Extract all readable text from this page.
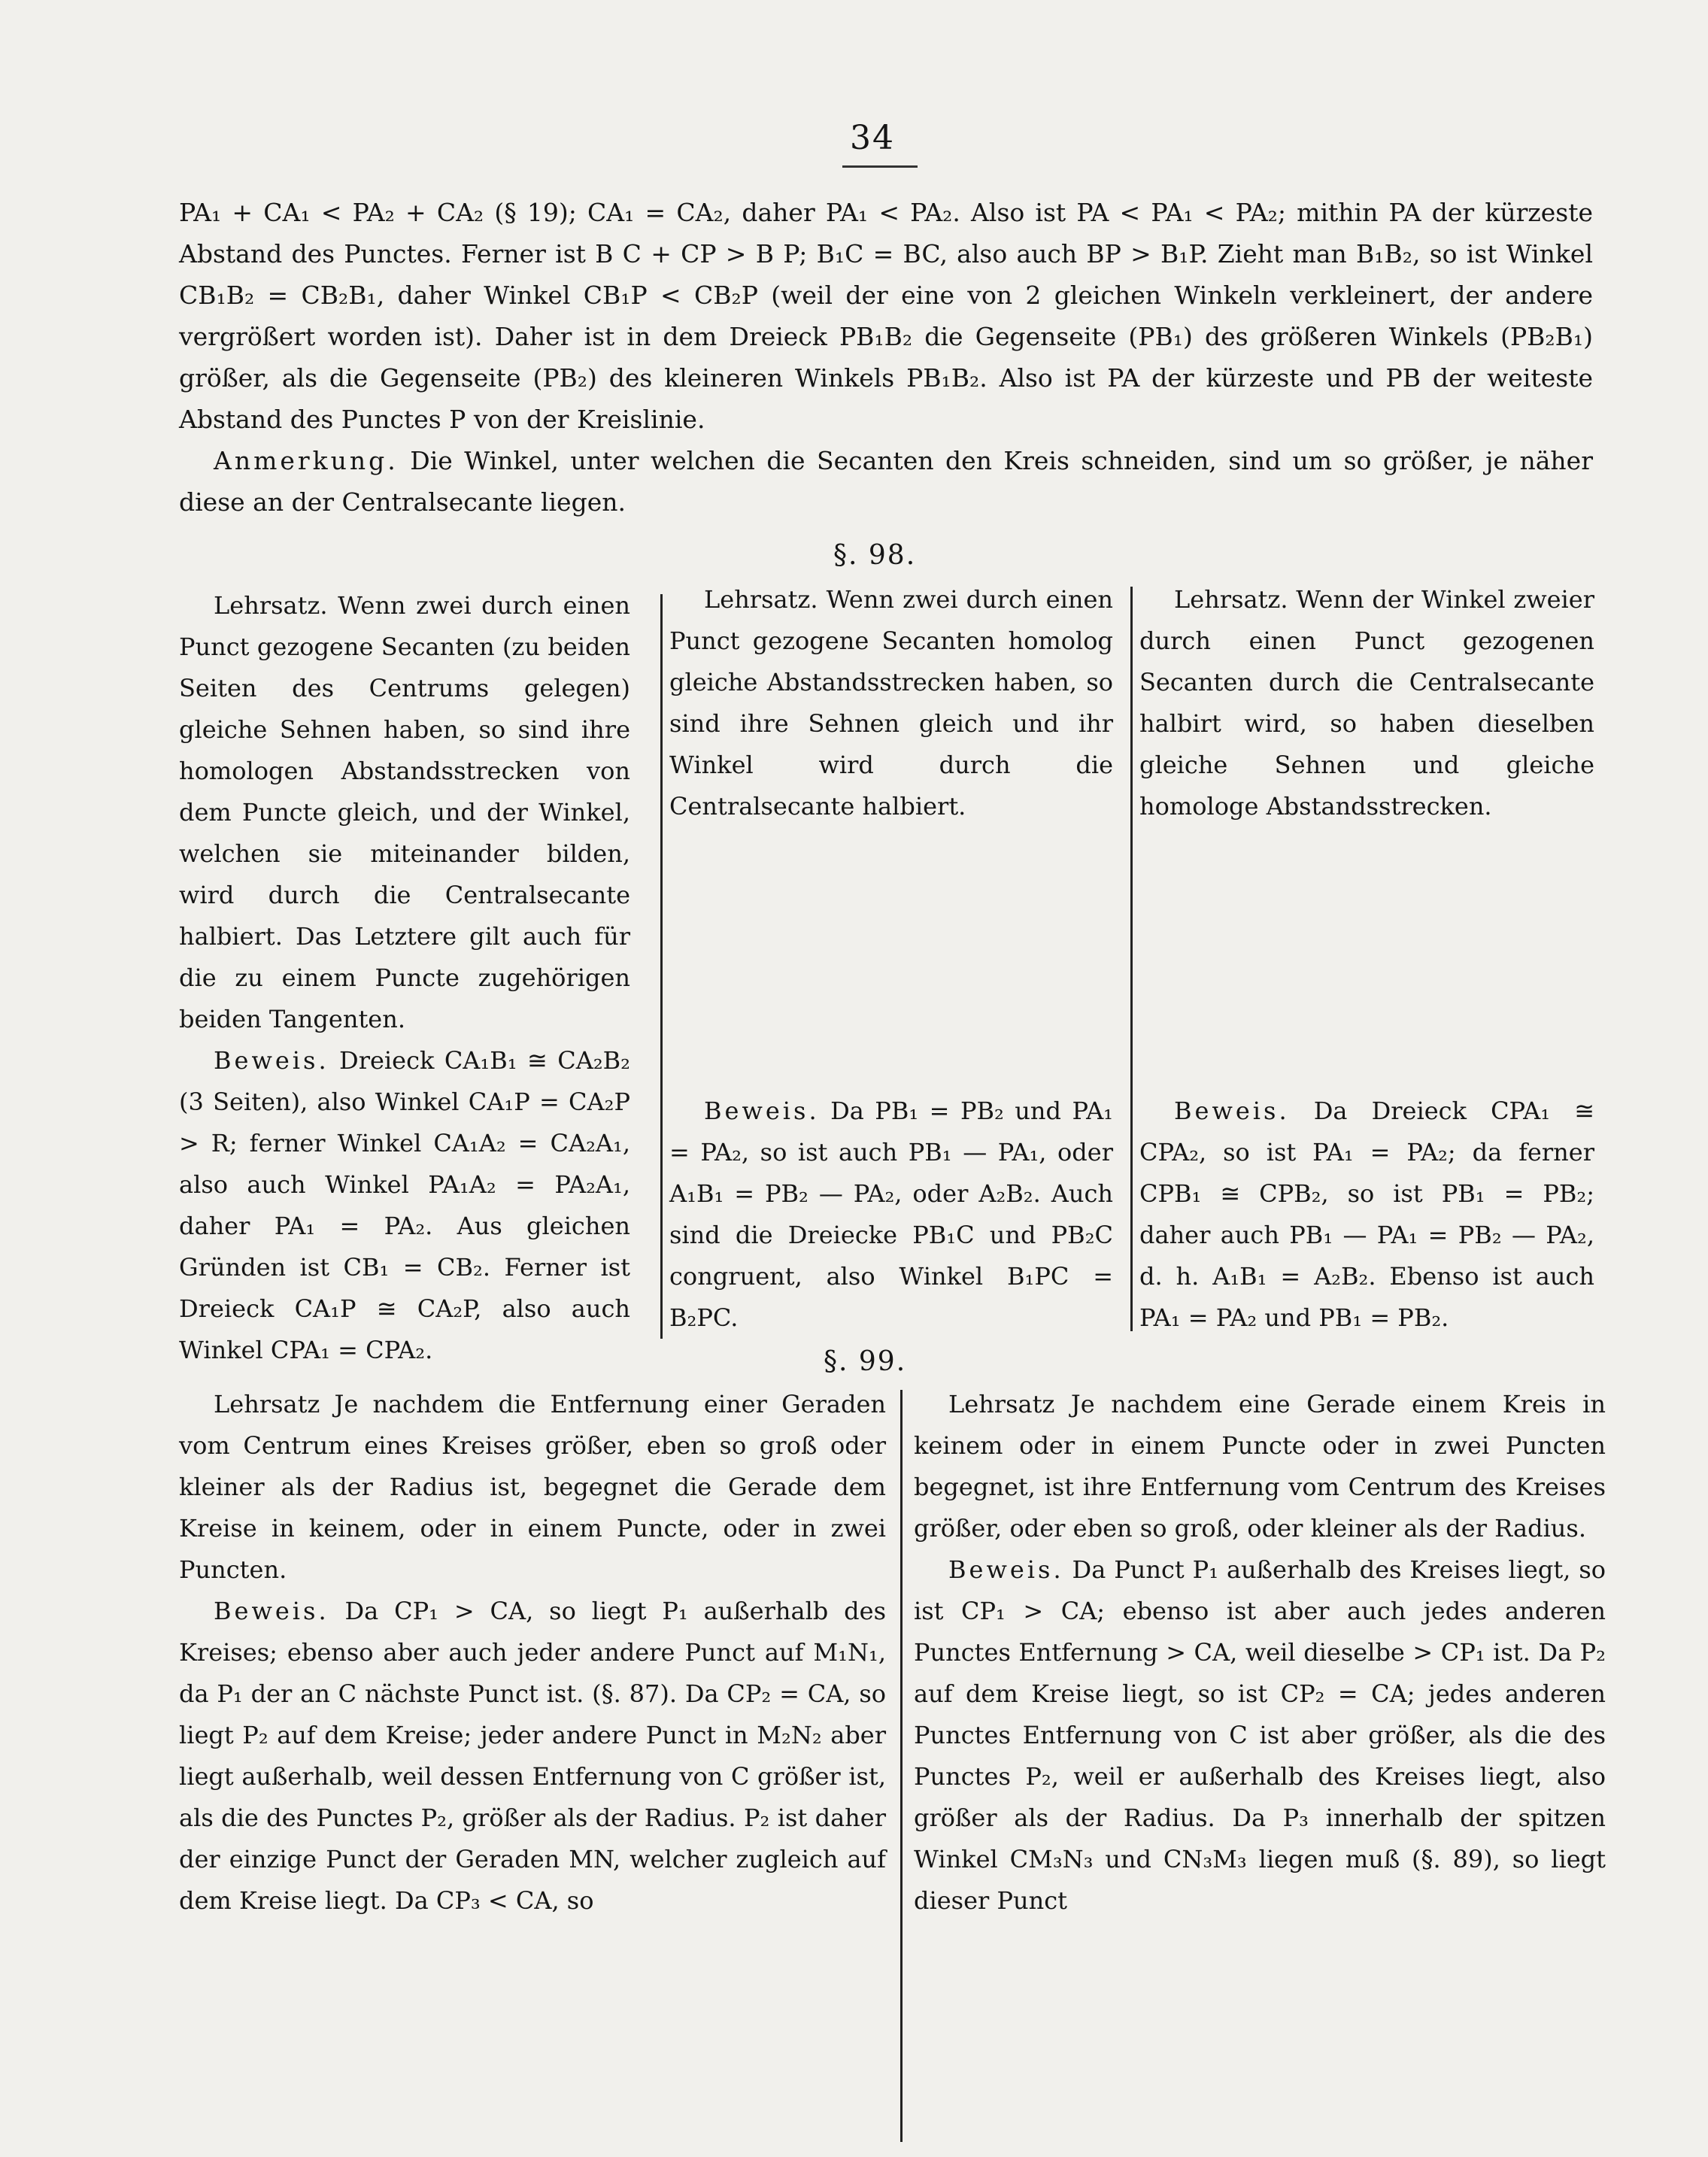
34

PA₁ + CA₁ < PA₂ + CA₂ (§ 19); CA₁ = CA₂, daher PA₁ < PA₂. Also ist PA < PA₁ < PA₂; mithin PA der kürzeste Abstand des Punctes. Ferner ist B C + CP > B P; B₁C = BC, also auch BP > B₁P. Zieht man B₁B₂, so ist Winkel CB₁B₂ = CB₂B₁, daher Winkel CB₁P < CB₂P (weil der eine von 2 gleichen Winkeln verkleinert, der andere vergrößert worden ist). Daher ist in dem Dreieck PB₁B₂ die Gegenseite (PB₁) des größeren Winkels (PB₂B₁) größer, als die Gegenseite (PB₂) des kleineren Winkels PB₁B₂. Also ist PA der kürzeste und PB der weiteste Abstand des Punctes P von der Kreislinie.

Anmerkung. Die Winkel, unter welchen die Secanten den Kreis schneiden, sind um so größer, je näher diese an der Centralsecante liegen.

§. 98.

Lehrsatz. Wenn zwei durch einen Punct gezogene Secanten (zu beiden Seiten des Centrums gelegen) gleiche Sehnen haben, so sind ihre homologen Abstandsstrecken von dem Puncte gleich, und der Winkel, welchen sie miteinander bilden, wird durch die Centralsecante halbiert. Das Letztere gilt auch für die zu einem Puncte zugehörigen beiden Tangenten.

Beweis. Dreieck CA₁B₁ ≅ CA₂B₂ (3 Seiten), also Winkel CA₁P = CA₂P > R; ferner Winkel CA₁A₂ = CA₂A₁, also auch Winkel PA₁A₂ = PA₂A₁, daher PA₁ = PA₂. Aus gleichen Gründen ist CB₁ = CB₂. Ferner ist Dreieck CA₁P ≅ CA₂P, also auch Winkel CPA₁ = CPA₂.

Lehrsatz. Wenn zwei durch einen Punct gezogene Secanten homolog gleiche Abstandsstrecken haben, so sind ihre Sehnen gleich und ihr Winkel wird durch die Centralsecante halbiert.

Beweis. Da PB₁ = PB₂ und PA₁ = PA₂, so ist auch PB₁ — PA₁, oder A₁B₁ = PB₂ — PA₂, oder A₂B₂. Auch sind die Dreiecke PB₁C und PB₂C congruent, also Winkel B₁PC = B₂PC.

Lehrsatz. Wenn der Winkel zweier durch einen Punct gezogenen Secanten durch die Centralsecante halbirt wird, so haben dieselben gleiche Sehnen und gleiche homologe Abstandsstrecken.

Beweis. Da Dreieck CPA₁ ≅ CPA₂, so ist PA₁ = PA₂; da ferner CPB₁ ≅ CPB₂, so ist PB₁ = PB₂; daher auch PB₁ — PA₁ = PB₂ — PA₂, d. h. A₁B₁ = A₂B₂. Ebenso ist auch PA₁ = PA₂ und PB₁ = PB₂.

§. 99.

Lehrsatz Je nachdem die Entfernung einer Geraden vom Centrum eines Kreises größer, eben so groß oder kleiner als der Radius ist, begegnet die Gerade dem Kreise in keinem, oder in einem Puncte, oder in zwei Puncten.

Beweis. Da CP₁ > CA, so liegt P₁ außerhalb des Kreises; ebenso aber auch jeder andere Punct auf M₁N₁, da P₁ der an C nächste Punct ist. (§. 87). Da CP₂ = CA, so liegt P₂ auf dem Kreise; jeder andere Punct in M₂N₂ aber liegt außerhalb, weil dessen Entfernung von C größer ist, als die des Punctes P₂, größer als der Radius. P₂ ist daher der einzige Punct der Geraden MN, welcher zugleich auf dem Kreise liegt. Da CP₃ < CA, so

Lehrsatz Je nachdem eine Gerade einem Kreis in keinem oder in einem Puncte oder in zwei Puncten begegnet, ist ihre Entfernung vom Centrum des Kreises größer, oder eben so groß, oder kleiner als der Radius.

Beweis. Da Punct P₁ außerhalb des Kreises liegt, so ist CP₁ > CA; ebenso ist aber auch jedes anderen Punctes Entfernung > CA, weil dieselbe > CP₁ ist. Da P₂ auf dem Kreise liegt, so ist CP₂ = CA; jedes anderen Punctes Entfernung von C ist aber größer, als die des Punctes P₂, weil er außerhalb des Kreises liegt, also größer als der Radius. Da P₃ innerhalb der spitzen Winkel CM₃N₃ und CN₃M₃ liegen muß (§. 89), so liegt dieser Punct
